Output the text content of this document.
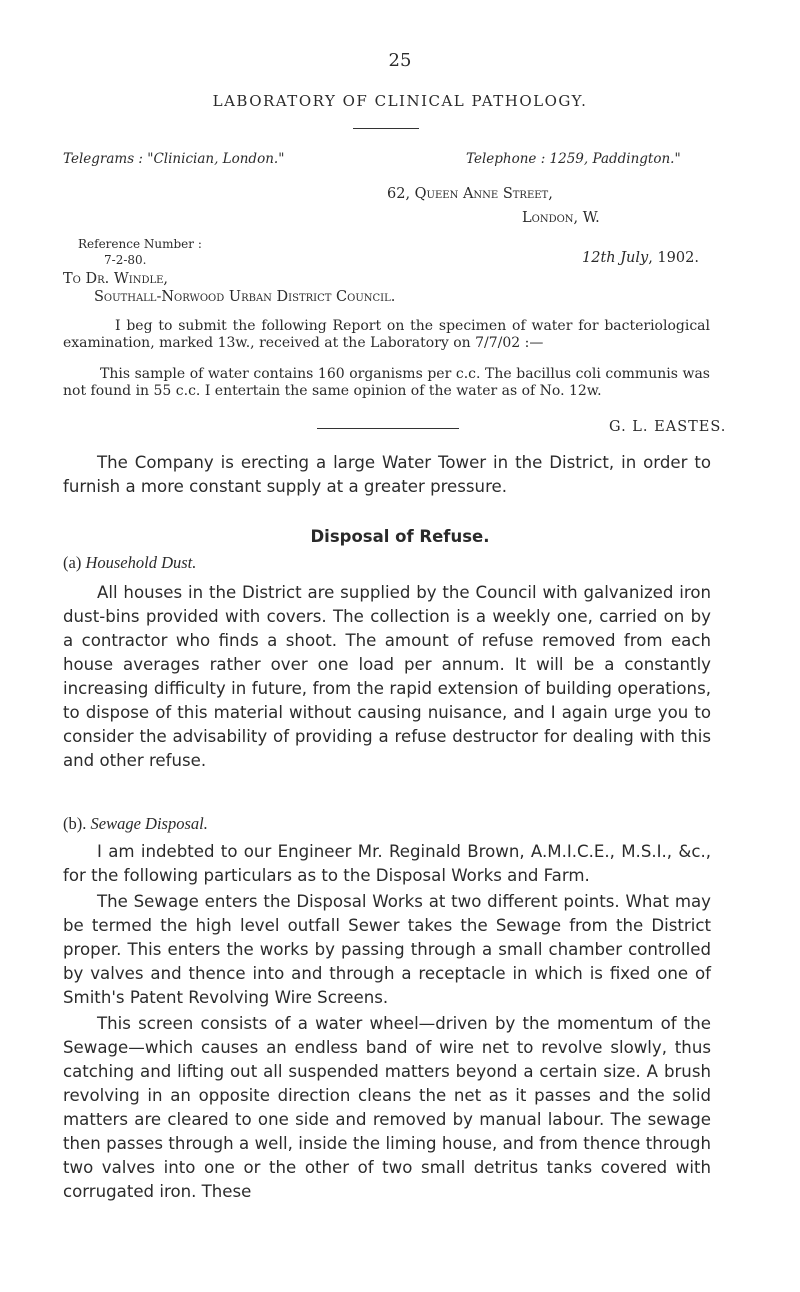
25
LABORATORY OF CLINICAL PATHOLOGY.
Telegrams : "Clinician, London."	Telephone : 1259, Paddington."
62, Queen Anne Street,
London, W.
Reference Number :
7-2-80.	12th July, 1902.
To Dr. Windle,
Southall-Norwood Urban District Council.

I beg to submit the following Report on the specimen of water for bacteriological examination, marked 13w., received at the Laboratory on 7/7/02 :—

This sample of water contains 160 organisms per c.c. The bacillus coli communis was not found in 55 c.c. I entertain the same opinion of the water as of No. 12w.

G. L. EASTES.

The Company is erecting a large Water Tower in the District, in order to furnish a more constant supply at a greater pressure.

Disposal of Refuse.
(a) Household Dust.

All houses in the District are supplied by the Council with galvanized iron dust-bins provided with covers. The collection is a weekly one, carried on by a contractor who finds a shoot. The amount of refuse removed from each house averages rather over one load per annum. It will be a constantly increasing difficulty in future, from the rapid extension of building operations, to dispose of this material without causing nuisance, and I again urge you to consider the advisability of providing a refuse destructor for dealing with this and other refuse.

(b). Sewage Disposal.

I am indebted to our Engineer Mr. Reginald Brown, A.M.I.C.E., M.S.I., &c., for the following particulars as to the Disposal Works and Farm.

The Sewage enters the Disposal Works at two different points. What may be termed the high level outfall Sewer takes the Sewage from the District proper. This enters the works by passing through a small chamber controlled by valves and thence into and through a receptacle in which is fixed one of Smith's Patent Revolving Wire Screens.

This screen consists of a water wheel—driven by the momentum of the Sewage—which causes an endless band of wire net to revolve slowly, thus catching and lifting out all suspended matters beyond a certain size. A brush revolving in an opposite direction cleans the net as it passes and the solid matters are cleared to one side and removed by manual labour. The sewage then passes through a well, inside the liming house, and from thence through two valves into one or the other of two small detritus tanks covered with corrugated iron. These
